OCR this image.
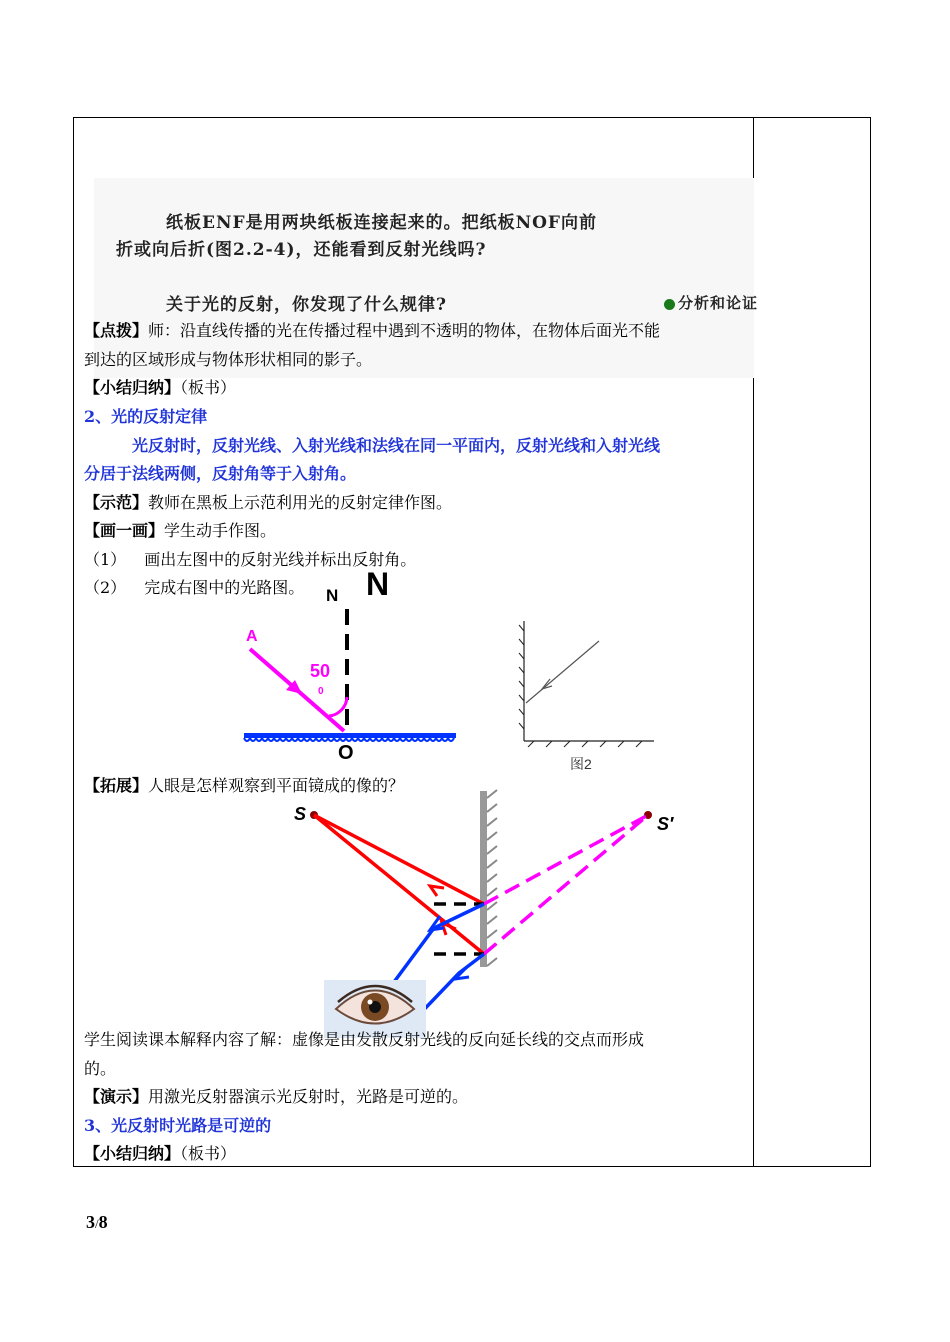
纸板ENF是用两块纸板连接起来的。把纸板NOF向前
折或向后折(图2.2-4)，还能看到反射光线吗?
关于光的反射，你发现了什么规律?	分析和论证
【点拨】师：沿直线传播的光在传播过程中遇到不透明的物体，在物体后面光不能
到达的区域形成与物体形状相同的影子。
【小结归纳】（板书）
2、光的反射定律
光反射时，反射光线、入射光线和法线在同一平面内，反射光线和入射光线
分居于法线两侧，反射角等于入射角。
【示范】教师在黑板上示范利用光的反射定律作图。
【画一画】学生动手作图。
（1） 画出左图中的反射光线并标出反射角。
（2） 完成右图中的光路图。 N N
A
50
0
O	图2
【拓展】人眼是怎样观察到平面镜成的像的？
S	S′
学生阅读课本解释内容了解：虚像是由发散反射光线的反向延长线的交点而形成
的。
【演示】用激光反射器演示光反射时，光路是可逆的。
3、光反射时光路是可逆的
【小结归纳】（板书）
3/8
